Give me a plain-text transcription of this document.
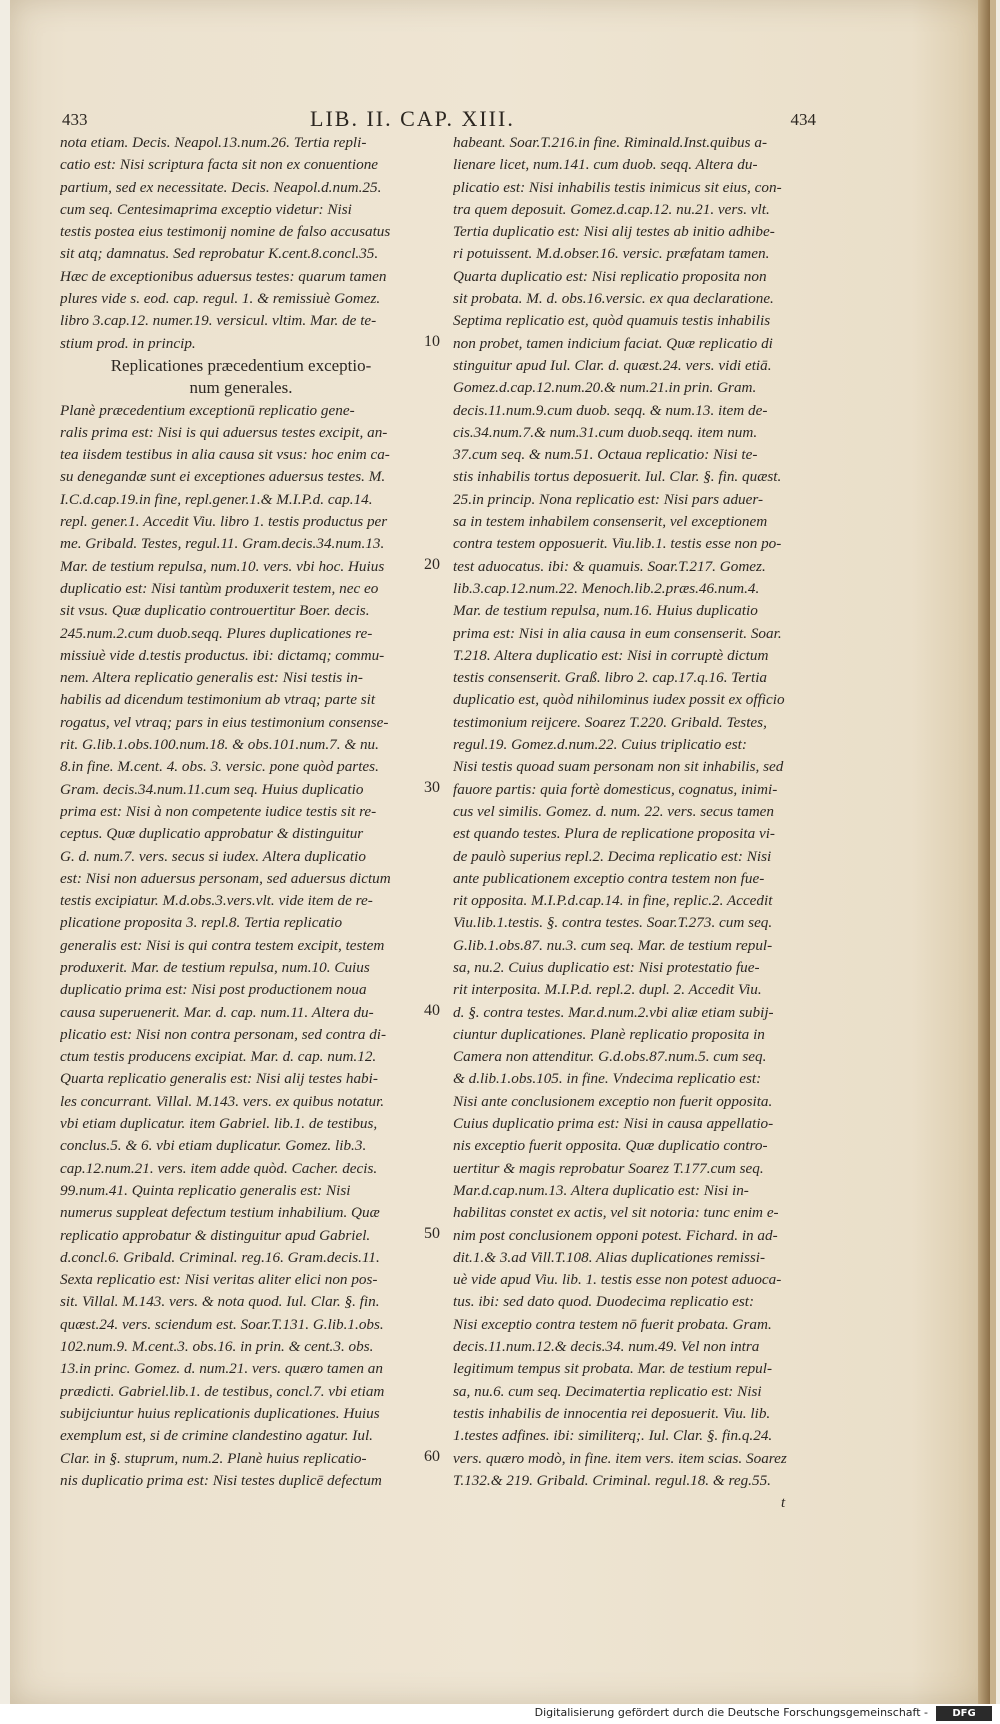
433	LIB. II. CAP. XIII.	434
nota etiam. Decis. Neapol.13.num.26. Tertia repli-
catio est: Nisi scriptura facta sit non ex conuentione
partium, sed ex necessitate. Decis. Neapol.d.num.25.
cum seq. Centesimaprima exceptio videtur: Nisi
testis postea eius testimonij nomine de falso accusatus
sit atq; damnatus. Sed reprobatur K.cent.8.concl.35.
Hæc de exceptionibus aduersus testes: quarum tamen
plures vide s. eod. cap. regul. 1. & remissiuè Gomez.
libro 3.cap.12. numer.19. versicul. vltim. Mar. de te-
stium prod. in princip.
Replicationes præcedentium exceptio-
num generales.
Planè præcedentium exceptionū replicatio gene-
ralis prima est: Nisi is qui aduersus testes excipit, an-
tea iisdem testibus in alia causa sit vsus: hoc enim ca-
su denegandæ sunt ei exceptiones aduersus testes. M.
I.C.d.cap.19.in fine, repl.gener.1.& M.I.P.d. cap.14.
repl. gener.1. Accedit Viu. libro 1. testis productus per
me. Gribald. Testes, regul.11. Gram.decis.34.num.13.
Mar. de testium repulsa, num.10. vers. vbi hoc. Huius
duplicatio est: Nisi tantùm produxerit testem, nec eo
sit vsus. Quæ duplicatio controuertitur Boer. decis.
245.num.2.cum duob.seqq. Plures duplicationes re-
missiuè vide d.testis productus. ibi: dictamq; commu-
nem. Altera replicatio generalis est: Nisi testis in-
habilis ad dicendum testimonium ab vtraq; parte sit
rogatus, vel vtraq; pars in eius testimonium consense-
rit. G.lib.1.obs.100.num.18. & obs.101.num.7. & nu.
8.in fine. M.cent. 4. obs. 3. versic. pone quòd partes.
Gram. decis.34.num.11.cum seq. Huius duplicatio
prima est: Nisi à non competente iudice testis sit re-
ceptus. Quæ duplicatio approbatur & distinguitur
G. d. num.7. vers. secus si iudex. Altera duplicatio
est: Nisi non aduersus personam, sed aduersus dictum
testis excipiatur. M.d.obs.3.vers.vlt. vide item de re-
plicatione proposita 3. repl.8. Tertia replicatio
generalis est: Nisi is qui contra testem excipit, testem
produxerit. Mar. de testium repulsa, num.10. Cuius
duplicatio prima est: Nisi post productionem noua
causa superuenerit. Mar. d. cap. num.11. Altera du-
plicatio est: Nisi non contra personam, sed contra di-
ctum testis producens excipiat. Mar. d. cap. num.12.
Quarta replicatio generalis est: Nisi alij testes habi-
les concurrant. Villal. M.143. vers. ex quibus notatur.
vbi etiam duplicatur. item Gabriel. lib.1. de testibus,
conclus.5. & 6. vbi etiam duplicatur. Gomez. lib.3.
cap.12.num.21. vers. item adde quòd. Cacher. decis.
99.num.41. Quinta replicatio generalis est: Nisi
numerus suppleat defectum testium inhabilium. Quæ
replicatio approbatur & distinguitur apud Gabriel.
d.concl.6. Gribald. Criminal. reg.16. Gram.decis.11.
Sexta replicatio est: Nisi veritas aliter elici non pos-
sit. Villal. M.143. vers. & nota quod. Iul. Clar. §. fin.
quæst.24. vers. sciendum est. Soar.T.131. G.lib.1.obs.
102.num.9. M.cent.3. obs.16. in prin. & cent.3. obs.
13.in princ. Gomez. d. num.21. vers. quæro tamen an
prædicti. Gabriel.lib.1. de testibus, concl.7. vbi etiam
subijciuntur huius replicationis duplicationes. Huius
exemplum est, si de crimine clandestino agatur. Iul.
Clar. in §. stuprum, num.2. Planè huius replicatio-
nis duplicatio prima est: Nisi testes duplicē defectum
10
20
30
40
50
60
habeant. Soar.T.216.in fine. Riminald.Inst.quibus a-
lienare licet, num.141. cum duob. seqq. Altera du-
plicatio est: Nisi inhabilis testis inimicus sit eius, con-
tra quem deposuit. Gomez.d.cap.12. nu.21. vers. vlt.
Tertia duplicatio est: Nisi alij testes ab initio adhibe-
ri potuissent. M.d.obser.16. versic. præfatam tamen.
Quarta duplicatio est: Nisi replicatio proposita non
sit probata. M. d. obs.16.versic. ex qua declaratione.
Septima replicatio est, quòd quamuis testis inhabilis
non probet, tamen indicium faciat. Quæ replicatio di
stinguitur apud Iul. Clar. d. quæst.24. vers. vidi etiā.
Gomez.d.cap.12.num.20.& num.21.in prin. Gram.
decis.11.num.9.cum duob. seqq. & num.13. item de-
cis.34.num.7.& num.31.cum duob.seqq. item num.
37.cum seq. & num.51. Octaua replicatio: Nisi te-
stis inhabilis tortus deposuerit. Iul. Clar. §. fin. quæst.
25.in princip. Nona replicatio est: Nisi pars aduer-
sa in testem inhabilem consenserit, vel exceptionem
contra testem opposuerit. Viu.lib.1. testis esse non po-
test aduocatus. ibi: & quamuis. Soar.T.217. Gomez.
lib.3.cap.12.num.22. Menoch.lib.2.præs.46.num.4.
Mar. de testium repulsa, num.16. Huius duplicatio
prima est: Nisi in alia causa in eum consenserit. Soar.
T.218. Altera duplicatio est: Nisi in corruptè dictum
testis consenserit. Graß. libro 2. cap.17.q.16. Tertia
duplicatio est, quòd nihilominus iudex possit ex officio
testimonium reijcere. Soarez T.220. Gribald. Testes,
regul.19. Gomez.d.num.22. Cuius triplicatio est:
Nisi testis quoad suam personam non sit inhabilis, sed
fauore partis: quia fortè domesticus, cognatus, inimi-
cus vel similis. Gomez. d. num. 22. vers. secus tamen
est quando testes. Plura de replicatione proposita vi-
de paulò superius repl.2. Decima replicatio est: Nisi
ante publicationem exceptio contra testem non fue-
rit opposita. M.I.P.d.cap.14. in fine, replic.2. Accedit
Viu.lib.1.testis. §. contra testes. Soar.T.273. cum seq.
G.lib.1.obs.87. nu.3. cum seq. Mar. de testium repul-
sa, nu.2. Cuius duplicatio est: Nisi protestatio fue-
rit interposita. M.I.P.d. repl.2. dupl. 2. Accedit Viu.
d. §. contra testes. Mar.d.num.2.vbi aliæ etiam subij-
ciuntur duplicationes. Planè replicatio proposita in
Camera non attenditur. G.d.obs.87.num.5. cum seq.
& d.lib.1.obs.105. in fine. Vndecima replicatio est:
Nisi ante conclusionem exceptio non fuerit opposita.
Cuius duplicatio prima est: Nisi in causa appellatio-
nis exceptio fuerit opposita. Quæ duplicatio contro-
uertitur & magis reprobatur Soarez T.177.cum seq.
Mar.d.cap.num.13. Altera duplicatio est: Nisi in-
habilitas constet ex actis, vel sit notoria: tunc enim e-
nim post conclusionem opponi potest. Fichard. in ad-
dit.1.& 3.ad Vill.T.108. Alias duplicationes remissi-
uè vide apud Viu. lib. 1. testis esse non potest aduoca-
tus. ibi: sed dato quod. Duodecima replicatio est:
Nisi exceptio contra testem nō fuerit probata. Gram.
decis.11.num.12.& decis.34. num.49. Vel non intra
legitimum tempus sit probata. Mar. de testium repul-
sa, nu.6. cum seq. Decimatertia replicatio est: Nisi
testis inhabilis de innocentia rei deposuerit. Viu. lib.
1.testes adfines. ibi: similiterq;. Iul. Clar. §. fin.q.24.
vers. quæro modò, in fine. item vers. item scias. Soarez
T.132.& 219. Gribald. Criminal. regul.18. & reg.55.
t
Digitalisierung gefördert durch die Deutsche Forschungsgemeinschaft -	DFG
